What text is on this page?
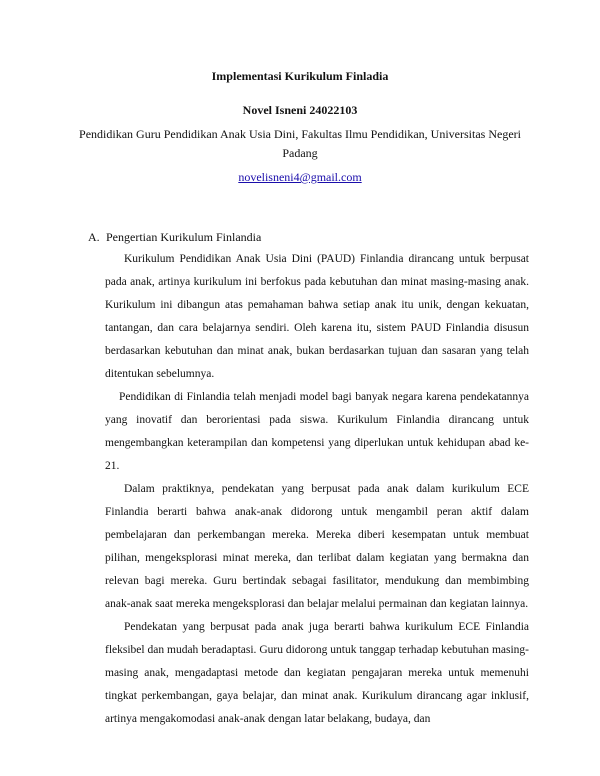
Implementasi Kurikulum Finladia
Novel Isneni 24022103
Pendidikan Guru Pendidikan Anak Usia Dini, Fakultas Ilmu Pendidikan, Universitas Negeri Padang
novelisneni4@gmail.com
A. Pengertian Kurikulum Finlandia

Kurikulum Pendidikan Anak Usia Dini (PAUD) Finlandia dirancang untuk berpusat pada anak, artinya kurikulum ini berfokus pada kebutuhan dan minat masing-masing anak. Kurikulum ini dibangun atas pemahaman bahwa setiap anak itu unik, dengan kekuatan, tantangan, dan cara belajarnya sendiri. Oleh karena itu, sistem PAUD Finlandia disusun berdasarkan kebutuhan dan minat anak, bukan berdasarkan tujuan dan sasaran yang telah ditentukan sebelumnya.

Pendidikan di Finlandia telah menjadi model bagi banyak negara karena pendekatannya yang inovatif dan berorientasi pada siswa. Kurikulum Finlandia dirancang untuk mengembangkan keterampilan dan kompetensi yang diperlukan untuk kehidupan abad ke-21.

Dalam praktiknya, pendekatan yang berpusat pada anak dalam kurikulum ECE Finlandia berarti bahwa anak-anak didorong untuk mengambil peran aktif dalam pembelajaran dan perkembangan mereka. Mereka diberi kesempatan untuk membuat pilihan, mengeksplorasi minat mereka, dan terlibat dalam kegiatan yang bermakna dan relevan bagi mereka. Guru bertindak sebagai fasilitator, mendukung dan membimbing anak-anak saat mereka mengeksplorasi dan belajar melalui permainan dan kegiatan lainnya.

Pendekatan yang berpusat pada anak juga berarti bahwa kurikulum ECE Finlandia fleksibel dan mudah beradaptasi. Guru didorong untuk tanggap terhadap kebutuhan masing-masing anak, mengadaptasi metode dan kegiatan pengajaran mereka untuk memenuhi tingkat perkembangan, gaya belajar, dan minat anak. Kurikulum dirancang agar inklusif, artinya mengakomodasi anak-anak dengan latar belakang, budaya, dan
